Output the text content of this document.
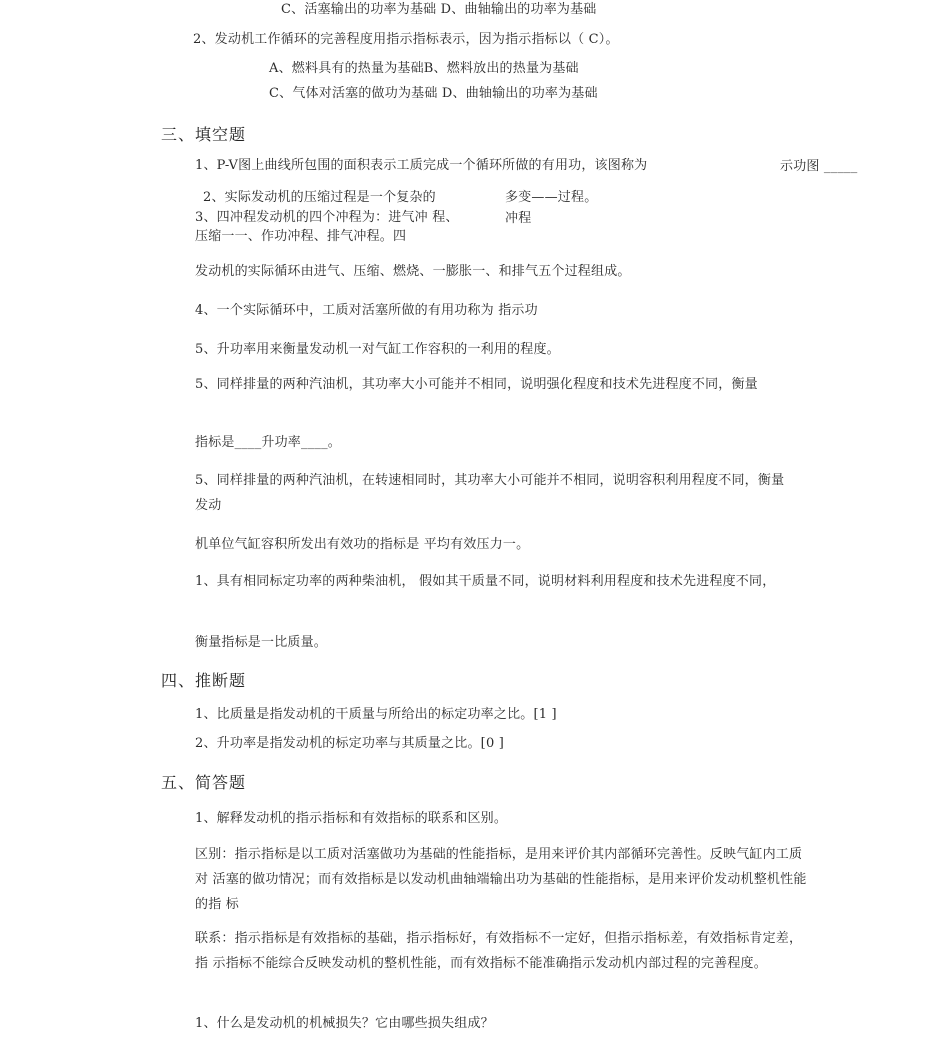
C、活塞输出的功率为基础 D、曲轴输出的功率为基础
2、发动机工作循环的完善程度用指示指标表示，因为指示指标以（ C）。
A、燃料具有的热量为基础B、燃料放出的热量为基础
C、气体对活塞的做功为基础 D、曲轴输出的功率为基础
三、填空题
1、P-V图上曲线所包围的面积表示工质完成一个循环所做的有用功，该图称为	示功图 _____
2、实际发动机的压缩过程是一个复杂的	多变——过程。
3、四冲程发动机的四个冲程为：进气冲 程、	冲程
压缩一一、作功冲程、排气冲程。四
发动机的实际循环由进气、压缩、燃烧、一膨胀一、和排气五个过程组成。
4、一个实际循环中，工质对活塞所做的有用功称为 指示功
5、升功率用来衡量发动机一对气缸工作容积的一利用的程度。
5、同样排量的两种汽油机，其功率大小可能并不相同，说明强化程度和技术先进程度不同，衡量
指标是____升功率____。
5、同样排量的两种汽油机，在转速相同时，其功率大小可能并不相同，说明容积利用程度不同，衡量发动
机单位气缸容积所发出有效功的指标是 平均有效压力一。
1、具有相同标定功率的两种柴油机， 假如其干质量不同，说明材料利用程度和技术先进程度不同，
衡量指标是一比质量。
四、推断题
1、比质量是指发动机的干质量与所给出的标定功率之比。[1 ]
2、升功率是指发动机的标定功率与其质量之比。[0 ]
五、简答题
1、解释发动机的指示指标和有效指标的联系和区别。
区别：指示指标是以工质对活塞做功为基础的性能指标，是用来评价其内部循环完善性。反映气缸内工质对 活塞的做功情况；而有效指标是以发动机曲轴端输出功为基础的性能指标，是用来评价发动机整机性能的指 标
联系：指示指标是有效指标的基础，指示指标好，有效指标不一定好，但指示指标差，有效指标肯定差，指 示指标不能综合反映发动机的整机性能，而有效指标不能准确指示发动机内部过程的完善程度。
1、什么是发动机的机械损失？它由哪些损失组成？
